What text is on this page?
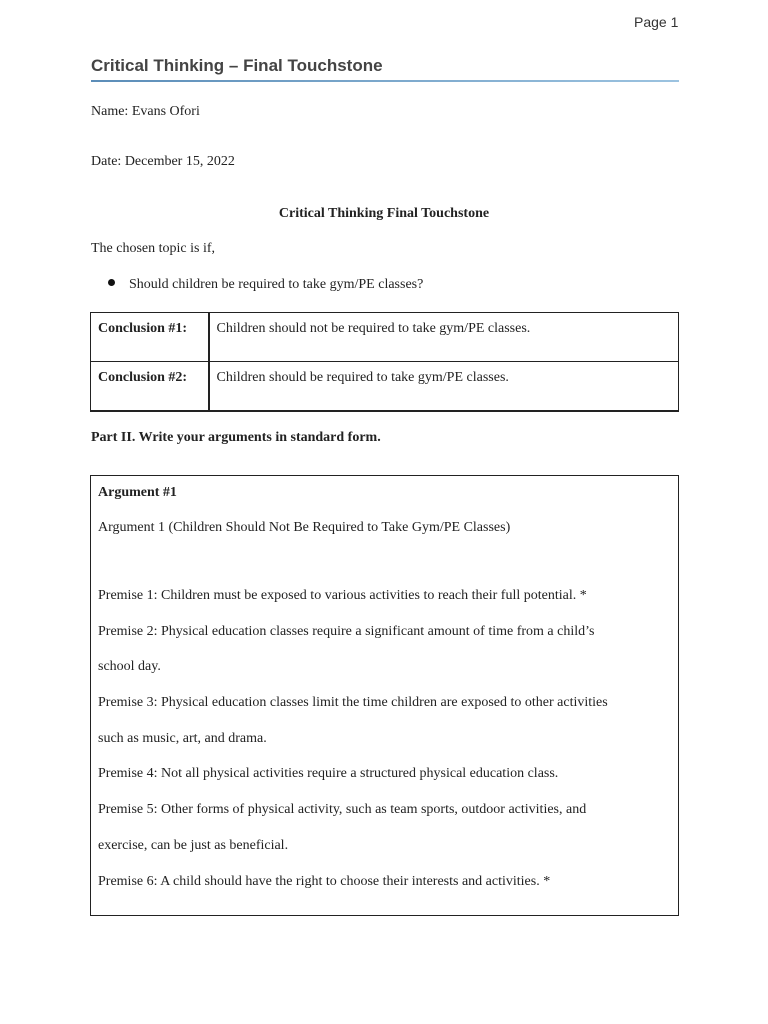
Page 1
Critical Thinking – Final Touchstone
Name: Evans Ofori
Date: December 15, 2022
Critical Thinking Final Touchstone
The chosen topic is if,
Should children be required to take gym/PE classes?
Conclusion #1:	Children should not be required to take gym/PE classes.
Conclusion #2:	Children should be required to take gym/PE classes.
Part II. Write your arguments in standard form.
Argument #1
Argument 1 (Children Should Not Be Required to Take Gym/PE Classes)
Premise 1: Children must be exposed to various activities to reach their full potential. *
Premise 2: Physical education classes require a significant amount of time from a child’s
school day.
Premise 3: Physical education classes limit the time children are exposed to other activities
such as music, art, and drama.
Premise 4: Not all physical activities require a structured physical education class.
Premise 5: Other forms of physical activity, such as team sports, outdoor activities, and
exercise, can be just as beneficial.
Premise 6: A child should have the right to choose their interests and activities. *
